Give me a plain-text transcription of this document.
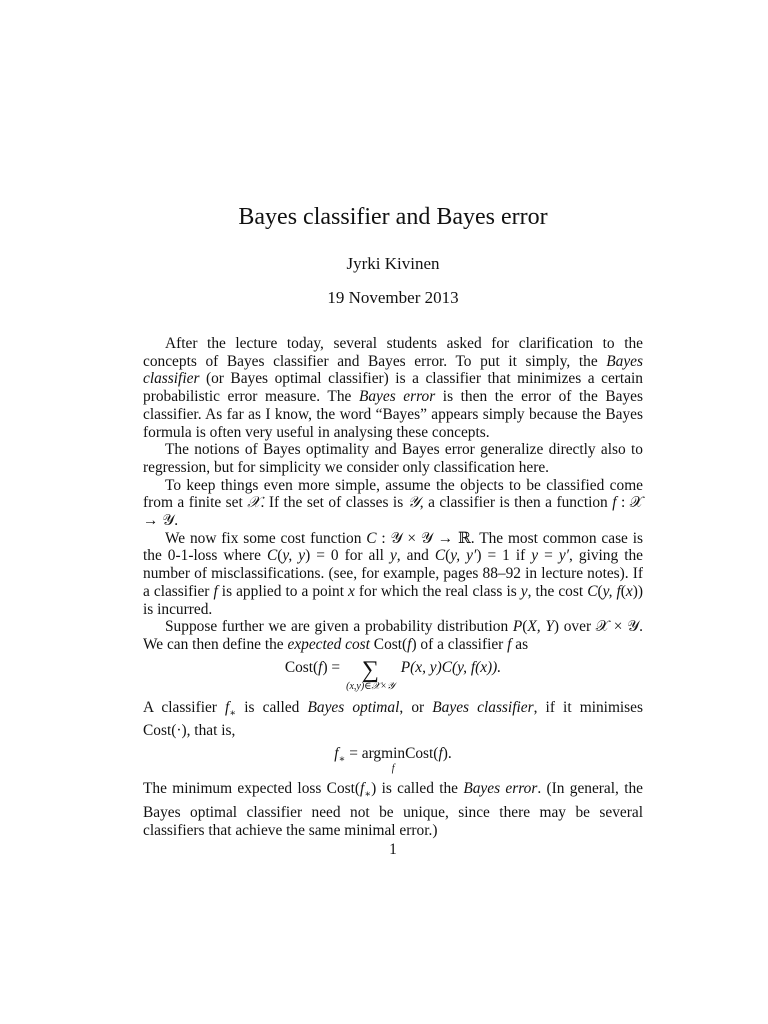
Bayes classifier and Bayes error
Jyrki Kivinen
19 November 2013

After the lecture today, several students asked for clarification to the concepts of Bayes classifier and Bayes error. To put it simply, the Bayes classifier (or Bayes optimal classifier) is a classifier that minimizes a certain probabilistic error measure. The Bayes error is then the error of the Bayes classifier. As far as I know, the word “Bayes” appears simply because the Bayes formula is often very useful in analysing these concepts.

The notions of Bayes optimality and Bayes error generalize directly also to regression, but for simplicity we consider only classification here.

To keep things even more simple, assume the objects to be classified come from a finite set 𝒳. If the set of classes is 𝒴, a classifier is then a function f : 𝒳 → 𝒴.

We now fix some cost function C : 𝒴 × 𝒴 → ℝ. The most common case is the 0-1-loss where C(y, y) = 0 for all y, and C(y, y′) = 1 if y = y′, giving the number of misclassifications. (see, for example, pages 88–92 in lecture notes). If a classifier f is applied to a point x for which the real class is y, the cost C(y, f(x)) is incurred.

Suppose further we are given a probability distribution P(X, Y) over 𝒳 × 𝒴. We can then define the expected cost Cost(f) of a classifier f as

Cost(f) = ∑
(x,y)∈𝒳×𝒴
P(x, y)C(y, f(x)).

A classifier $f_∗$ is called Bayes optimal, or Bayes classifier, if it minimises Cost(·), that is,

$f_∗ = argmin$
f
Cost(f).

The minimum expected loss $Cost(f_∗)$ is called the Bayes error. (In general, the Bayes optimal classifier need not be unique, since there may be several classifiers that achieve the same minimal error.)

1
